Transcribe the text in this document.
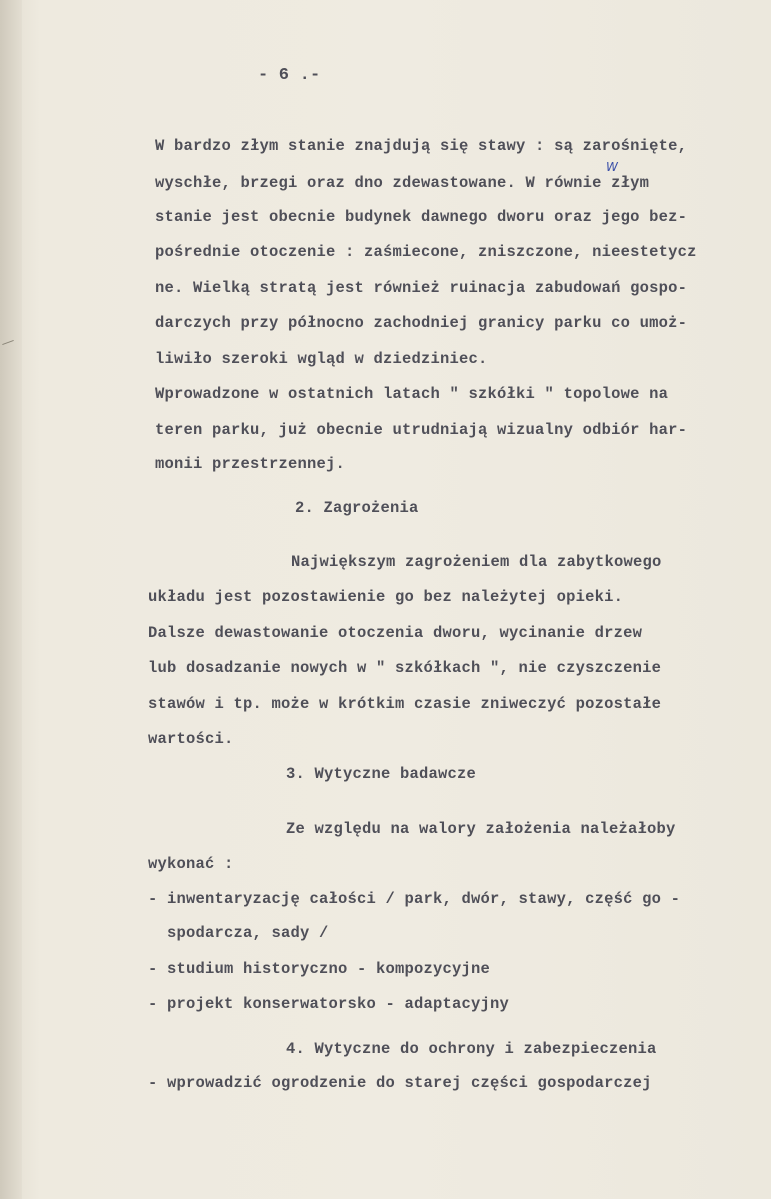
- 6 .-
W bardzo złym stanie znajdują się stawy : są zarośnięte,
wyschłe, brzegi oraz dno zdewastowane. W równie złym
W
stanie jest obecnie budynek dawnego dworu oraz jego bez-
pośrednie otoczenie : zaśmiecone, zniszczone, nieestetycz
ne. Wielką stratą jest również ruinacja zabudowań gospo-
darczych przy północno zachodniej granicy parku co umoż-
liwiło szeroki wgląd w dziedziniec.
Wprowadzone w ostatnich latach " szkółki " topolowe na
teren parku, już obecnie utrudniają wizualny odbiór har-
monii przestrzennej.
2. Zagrożenia
Największym zagrożeniem dla zabytkowego
układu jest pozostawienie go bez należytej opieki.
Dalsze dewastowanie otoczenia dworu, wycinanie drzew
lub dosadzanie nowych w " szkółkach ", nie czyszczenie
stawów i tp. może w krótkim czasie zniweczyć pozostałe
wartości.
3. Wytyczne badawcze
Ze względu na walory założenia należałoby
wykonać :
- inwentaryzację całości / park, dwór, stawy, część go -
spodarcza, sady /
- studium historyczno - kompozycyjne
- projekt konserwatorsko - adaptacyjny
4. Wytyczne do ochrony i zabezpieczenia
- wprowadzić ogrodzenie do starej części gospodarczej
